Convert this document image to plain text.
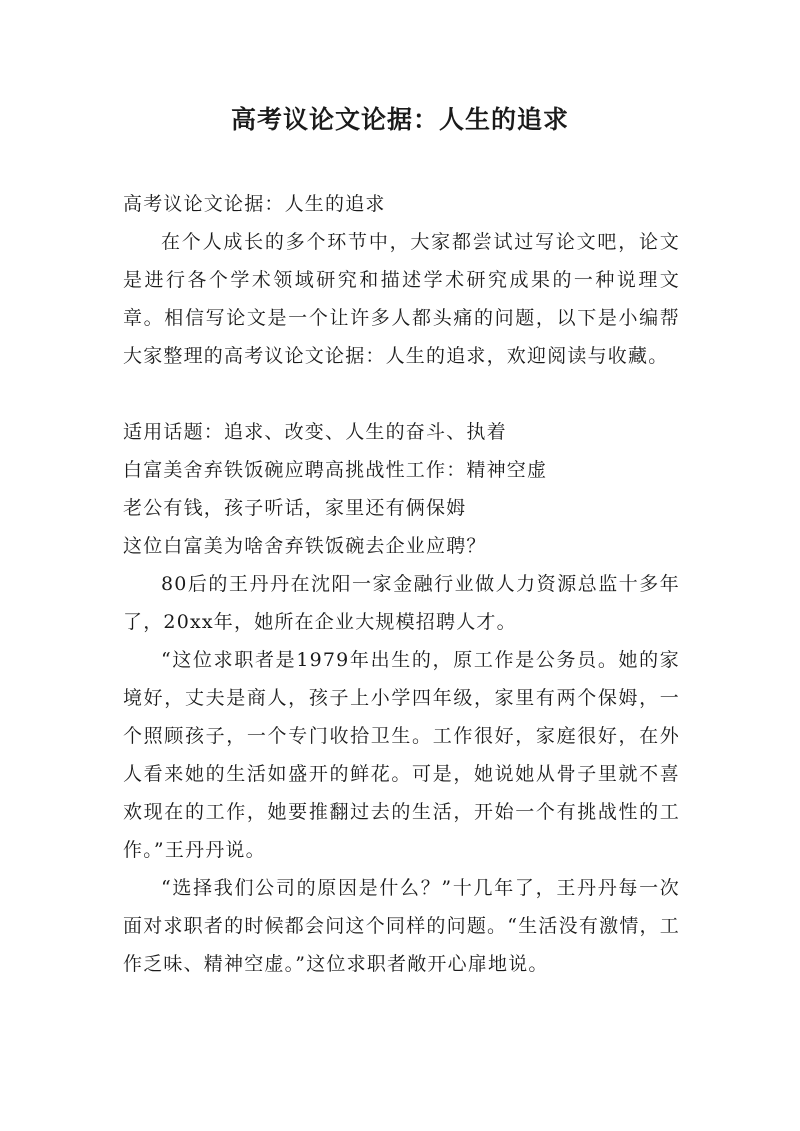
高考议论文论据：人生的追求

高考议论文论据：人生的追求

在个人成长的多个环节中，大家都尝试过写论文吧，论文是进行各个学术领域研究和描述学术研究成果的一种说理文章。相信写论文是一个让许多人都头痛的问题，以下是小编帮大家整理的高考议论文论据：人生的追求，欢迎阅读与收藏。

适用话题：追求、改变、人生的奋斗、执着

白富美舍弃铁饭碗应聘高挑战性工作：精神空虚

老公有钱，孩子听话，家里还有俩保姆

这位白富美为啥舍弃铁饭碗去企业应聘？

80后的王丹丹在沈阳一家金融行业做人力资源总监十多年了，20xx年，她所在企业大规模招聘人才。

“这位求职者是1979年出生的，原工作是公务员。她的家境好，丈夫是商人，孩子上小学四年级，家里有两个保姆，一个照顾孩子，一个专门收拾卫生。工作很好，家庭很好，在外人看来她的生活如盛开的鲜花。可是，她说她从骨子里就不喜欢现在的工作，她要推翻过去的生活，开始一个有挑战性的工作。”王丹丹说。

“选择我们公司的原因是什么？”十几年了，王丹丹每一次面对求职者的时候都会问这个同样的问题。“生活没有激情，工作乏味、精神空虚。”这位求职者敞开心扉地说。
